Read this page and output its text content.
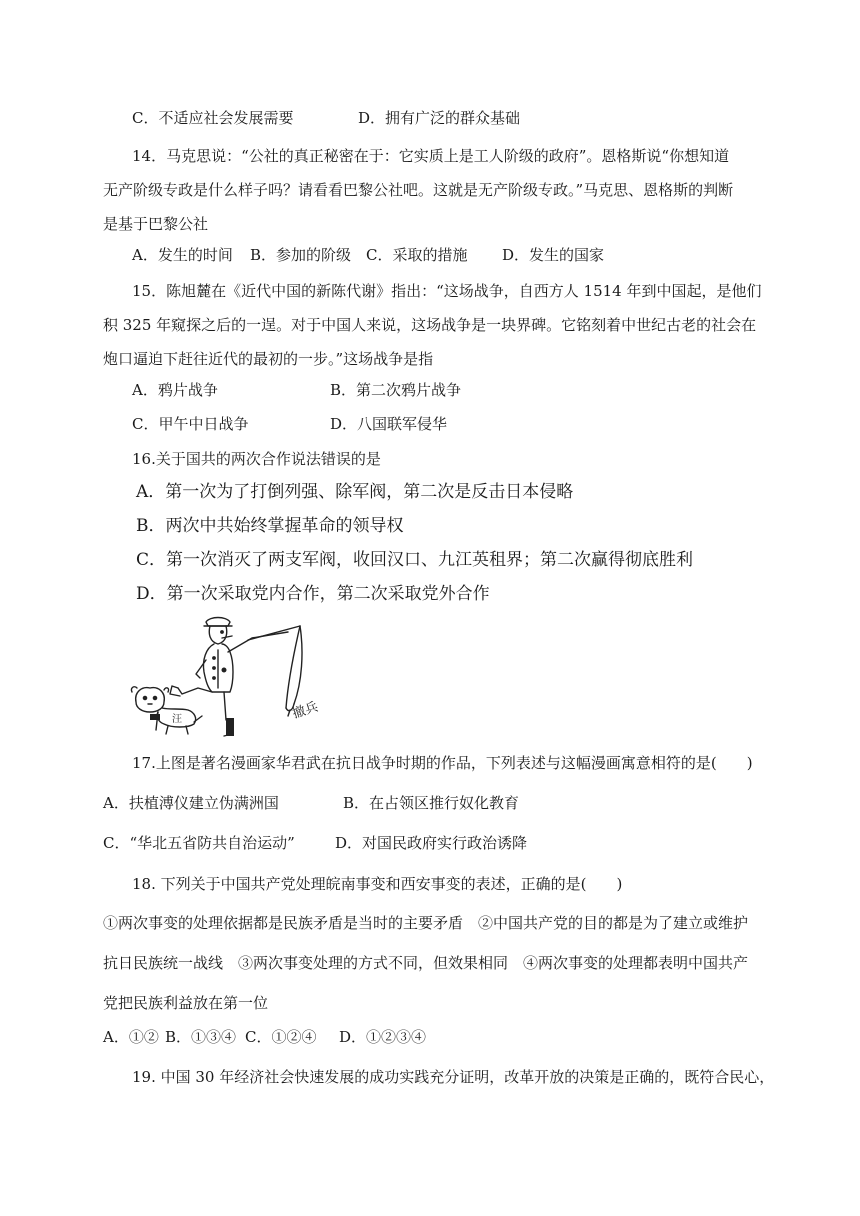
C．不适应社会发展需要	D．拥有广泛的群众基础
14．马克思说：“公社的真正秘密在于：它实质上是工人阶级的政府”。恩格斯说“你想知道
无产阶级专政是什么样子吗？请看看巴黎公社吧。这就是无产阶级专政。”马克思、恩格斯的判断
是基于巴黎公社
A．发生的时间 B．参加的阶级 C．采取的措施 D．发生的国家
15．陈旭麓在《近代中国的新陈代谢》指出：“这场战争，自西方人 1514 年到中国起，是他们
积 325 年窥探之后的一逞。对于中国人来说，这场战争是一块界碑。它铭刻着中世纪古老的社会在
炮口逼迫下赶往近代的最初的一步。”这场战争是指
A．鸦片战争	B．第二次鸦片战争
C．甲午中日战争	D．八国联军侵华
16.关于国共的两次合作说法错误的是
A．第一次为了打倒列强、除军阀，第二次是反击日本侵略
B．两次中共始终掌握革命的领导权
C．第一次消灭了两支军阀，收回汉口、九江英租界；第二次赢得彻底胜利
D．第一次采取党内合作，第二次采取党外合作
汪	撤兵
17.上图是著名漫画家华君武在抗日战争时期的作品，下列表述与这幅漫画寓意相符的是(　　)
A．扶植溥仪建立伪满洲国	B．在占领区推行奴化教育
C．“华北五省防共自治运动”	D．对国民政府实行政治诱降
18. 下列关于中国共产党处理皖南事变和西安事变的表述，正确的是(　　)
①两次事变的处理依据都是民族矛盾是当时的主要矛盾　②中国共产党的目的都是为了建立或维护
抗日民族统一战线　③两次事变处理的方式不同，但效果相同　④两次事变的处理都表明中国共产
党把民族利益放在第一位
A．①② B．①③④ C．①②④ D．①②③④
19. 中国 30 年经济社会快速发展的成功实践充分证明，改革开放的决策是正确的，既符合民心，
